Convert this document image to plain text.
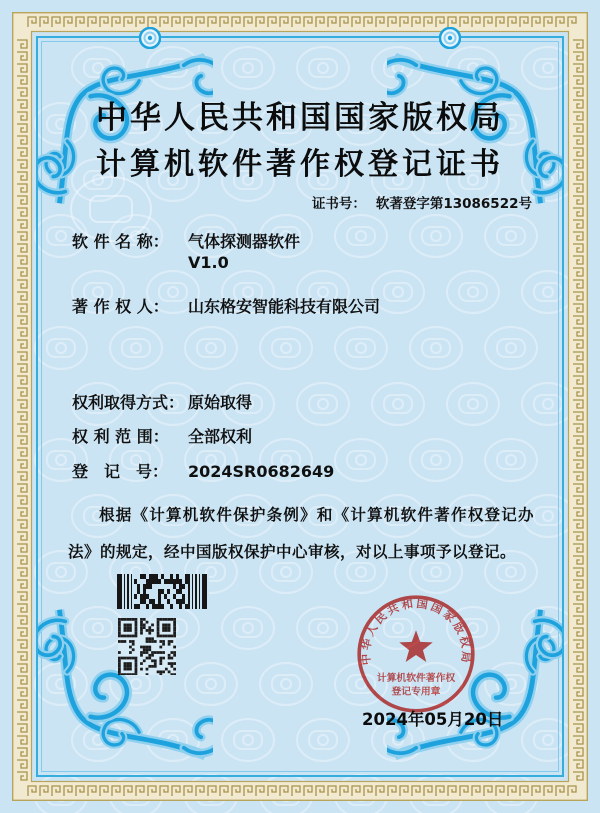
中华人民共和国国家版权局
计算机软件著作权登记证书
证书号： 软著登字第13086522号
软 件 名 称： 气体探测器软件
V1.0
著 作 权 人： 山东格安智能科技有限公司
权利取得方式： 原始取得
权 利 范 围： 全部权利
登　记　号： 2024SR0682649
根据《计算机软件保护条例》和《计算机软件著作权登记办法》的规定，经中国版权保护中心审核，对以上事项予以登记。
中华人民共和国国家版权局
计算机软件著作权
登记专用章
2024年05月20日
